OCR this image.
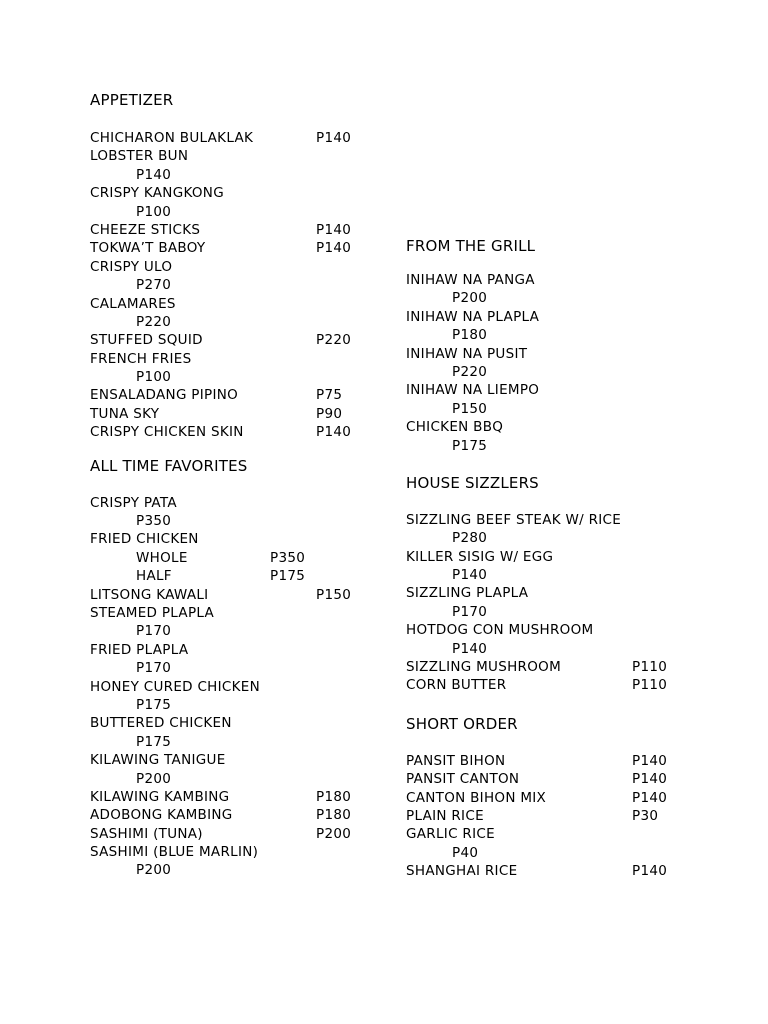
APPETIZER
CHICHARON BULAKLAK	P140
LOBSTER BUN
P140
CRISPY KANGKONG
P100
CHEEZE STICKS	P140
TOKWA’T BABOY	P140
CRISPY ULO
P270
CALAMARES
P220
STUFFED SQUID	P220
FRENCH FRIES
P100
ENSALADANG PIPINO	P75
TUNA SKY	P90
CRISPY CHICKEN SKIN	P140
ALL TIME FAVORITES
CRISPY PATA
P350
FRIED CHICKEN
WHOLE	P350
HALF	P175
LITSONG KAWALI	P150
STEAMED PLAPLA
P170
FRIED PLAPLA
P170
HONEY CURED CHICKEN
P175
BUTTERED CHICKEN
P175
KILAWING TANIGUE
P200
KILAWING KAMBING	P180
ADOBONG KAMBING	P180
SASHIMI (TUNA)	P200
SASHIMI (BLUE MARLIN)
P200
FROM THE GRILL
INIHAW NA PANGA
P200
INIHAW NA PLAPLA
P180
INIHAW NA PUSIT
P220
INIHAW NA LIEMPO
P150
CHICKEN BBQ
P175
HOUSE SIZZLERS
SIZZLING BEEF STEAK W/ RICE
P280
KILLER SISIG W/ EGG
P140
SIZZLING PLAPLA
P170
HOTDOG CON MUSHROOM
P140
SIZZLING MUSHROOM	P110
CORN BUTTER	P110
SHORT ORDER
PANSIT BIHON	P140
PANSIT CANTON	P140
CANTON BIHON MIX	P140
PLAIN RICE	P30
GARLIC RICE
P40
SHANGHAI RICE	P140
